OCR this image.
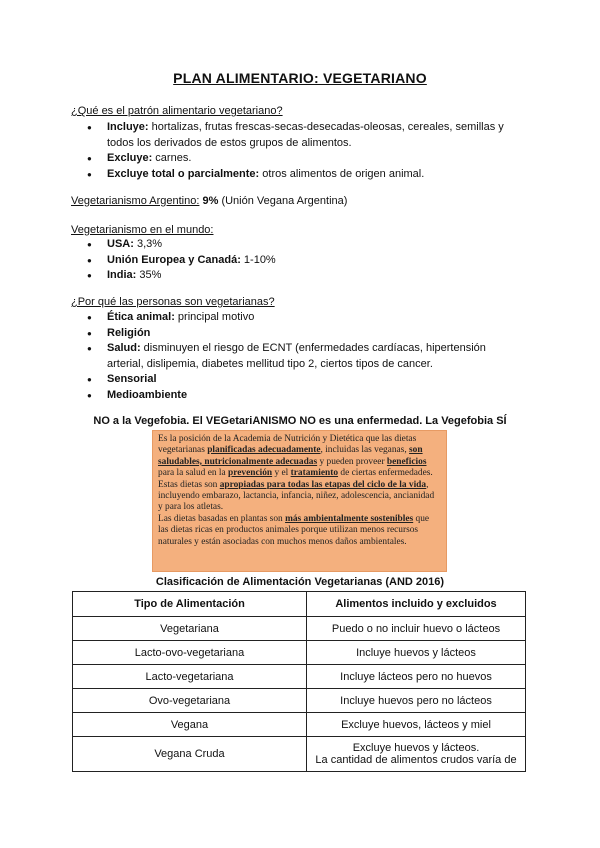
PLAN ALIMENTARIO: VEGETARIANO
¿Qué es el patrón alimentario vegetariano?
● Incluye: hortalizas, frutas frescas-secas-desecadas-oleosas, cereales, semillas y todos los derivados de estos grupos de alimentos.
● Excluye: carnes.
● Excluye total o parcialmente: otros alimentos de origen animal.
Vegetarianismo Argentino: 9% (Unión Vegana Argentina)
Vegetarianismo en el mundo:
● USA: 3,3%
● Unión Europea y Canadá: 1-10%
● India: 35%
¿Por qué las personas son vegetarianas?
● Ética animal: principal motivo
● Religión
● Salud: disminuyen el riesgo de ECNT (enfermedades cardíacas, hipertensión arterial, dislipemia, diabetes mellitud tipo 2, ciertos tipos de cancer.
● Sensorial
● Medioambiente
NO a la Vegefobia. El VEGetariANISMO NO es una enfermedad. La Vegefobia SÍ
Es la posición de la Academia de Nutrición y Dietética que las dietas vegetarianas planificadas adecuadamente, incluidas las veganas, son saludables, nutricionalmente adecuadas y pueden proveer beneficios para la salud en la prevención y el tratamiento de ciertas enfermedades.
Estas dietas son apropiadas para todas las etapas del ciclo de la vida, incluyendo embarazo, lactancia, infancia, niñez, adolescencia, ancianidad y para los atletas.
Las dietas basadas en plantas son más ambientalmente sostenibles que las dietas ricas en productos animales porque utilizan menos recursos naturales y están asociadas con muchos menos daños ambientales.
Clasificación de Alimentación Vegetarianas (AND 2016)
Tipo de Alimentación	Alimentos incluido y excluidos
Vegetariana	Puedo o no incluir huevo o lácteos
Lacto-ovo-vegetariana	Incluye huevos y lácteos
Lacto-vegetariana	Incluye lácteos pero no huevos
Ovo-vegetariana	Incluye huevos pero no lácteos
Vegana	Excluye huevos, lácteos y miel
Vegana Cruda	Excluye huevos y lácteos.
La cantidad de alimentos crudos varía de
